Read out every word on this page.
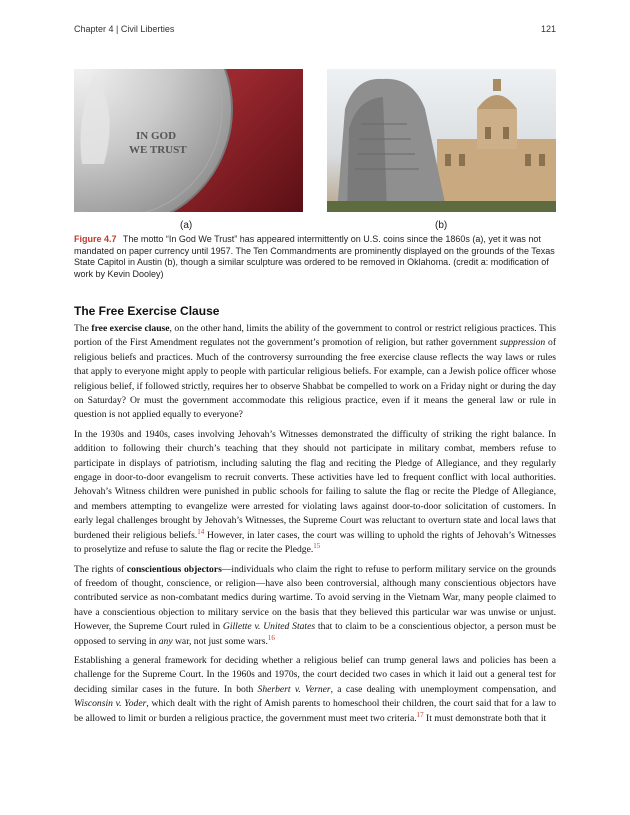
Chapter 4 | Civil Liberties	121
IN GOD
WE TRUST
(a)	(b)
Figure 4.7 The motto “In God We Trust” has appeared intermittently on U.S. coins since the 1860s (a), yet it was not mandated on paper currency until 1957. The Ten Commandments are prominently displayed on the grounds of the Texas State Capitol in Austin (b), though a similar sculpture was ordered to be removed in Oklahoma. (credit a: modification of work by Kevin Dooley)
The Free Exercise Clause

The free exercise clause, on the other hand, limits the ability of the government to control or restrict religious practices. This portion of the First Amendment regulates not the government’s promotion of religion, but rather government suppression of religious beliefs and practices. Much of the controversy surrounding the free exercise clause reflects the way laws or rules that apply to everyone might apply to people with particular religious beliefs. For example, can a Jewish police officer whose religious belief, if followed strictly, requires her to observe Shabbat be compelled to work on a Friday night or during the day on Saturday? Or must the government accommodate this religious practice, even if it means the general law or rule in question is not applied equally to everyone?

In the 1930s and 1940s, cases involving Jehovah’s Witnesses demonstrated the difficulty of striking the right balance. In addition to following their church’s teaching that they should not participate in military combat, members refuse to participate in displays of patriotism, including saluting the flag and reciting the Pledge of Allegiance, and they regularly engage in door-to-door evangelism to recruit converts. These activities have led to frequent conflict with local authorities. Jehovah’s Witness children were punished in public schools for failing to salute the flag or recite the Pledge of Allegiance, and members attempting to evangelize were arrested for violating laws against door-to-door solicitation of customers. In early legal challenges brought by Jehovah’s Witnesses, the Supreme Court was reluctant to overturn state and local laws that burdened their religious beliefs.$^{14}$ However, in later cases, the court was willing to uphold the rights of Jehovah’s Witnesses to proselytize and refuse to salute the flag or recite the Pledge.$^{15}$

The rights of conscientious objectors—individuals who claim the right to refuse to perform military service on the grounds of freedom of thought, conscience, or religion—have also been controversial, although many conscientious objectors have contributed service as non-combatant medics during wartime. To avoid serving in the Vietnam War, many people claimed to have a conscientious objection to military service on the basis that they believed this particular war was unwise or unjust. However, the Supreme Court ruled in Gillette v. United States that to claim to be a conscientious objector, a person must be opposed to serving in any war, not just some wars.$^{16}$

Establishing a general framework for deciding whether a religious belief can trump general laws and policies has been a challenge for the Supreme Court. In the 1960s and 1970s, the court decided two cases in which it laid out a general test for deciding similar cases in the future. In both Sherbert v. Verner, a case dealing with unemployment compensation, and Wisconsin v. Yoder, which dealt with the right of Amish parents to homeschool their children, the court said that for a law to be allowed to limit or burden a religious practice, the government must meet two criteria.$^{17}$ It must demonstrate both that it
